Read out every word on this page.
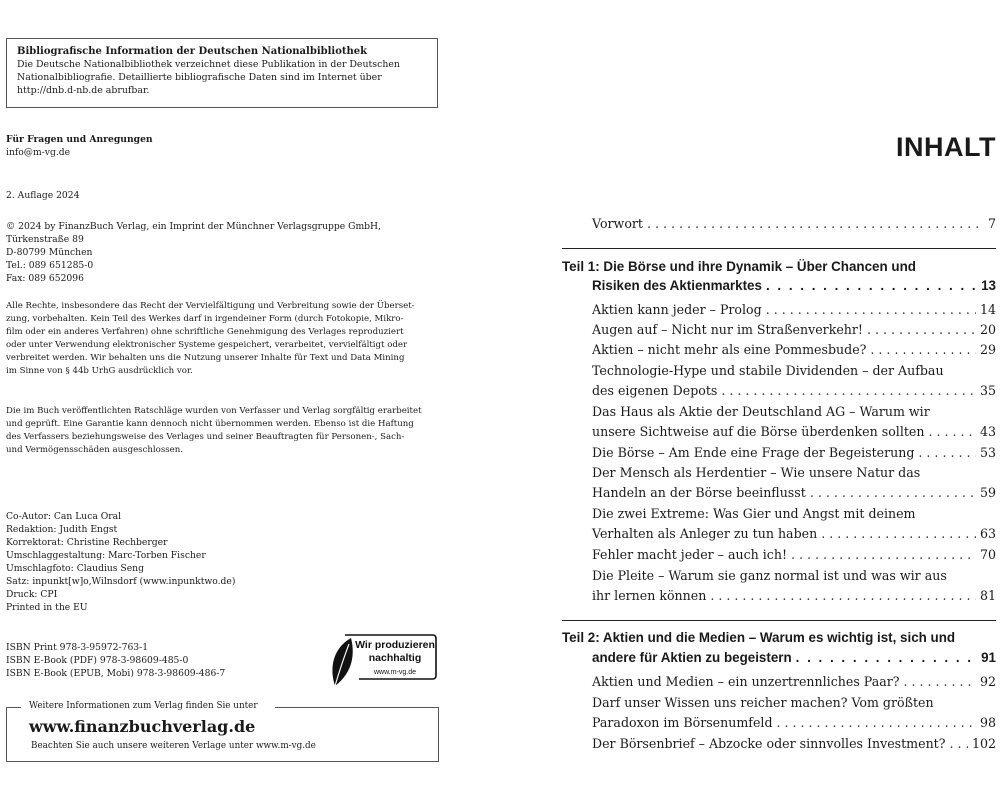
Bibliografische Information der Deutschen Nationalbibliothek
Die Deutsche Nationalbibliothek verzeichnet diese Publikation in der Deutschen
Nationalbibliografie. Detaillierte bibliografische Daten sind im Internet über
http://dnb.d-nb.de abrufbar.
Für Fragen und Anregungen
info@m-vg.de
2. Auflage 2024
© 2024 by FinanzBuch Verlag, ein Imprint der Münchner Verlagsgruppe GmbH,
Türkenstraße 89
D-80799 München
Tel.: 089 651285-0
Fax: 089 652096
Alle Rechte, insbesondere das Recht der Vervielfältigung und Verbreitung sowie der Überset-
zung, vorbehalten. Kein Teil des Werkes darf in irgendeiner Form (durch Fotokopie, Mikro-
film oder ein anderes Verfahren) ohne schriftliche Genehmigung des Verlages reproduziert
oder unter Verwendung elektronischer Systeme gespeichert, verarbeitet, vervielfältigt oder
verbreitet werden. Wir behalten uns die Nutzung unserer Inhalte für Text und Data Mining
im Sinne von § 44b UrhG ausdrücklich vor.
Die im Buch veröffentlichten Ratschläge wurden von Verfasser und Verlag sorgfältig erarbeitet
und geprüft. Eine Garantie kann dennoch nicht übernommen werden. Ebenso ist die Haftung
des Verfassers beziehungsweise des Verlages und seiner Beauftragten für Personen-, Sach-
und Vermögensschäden ausgeschlossen.
Co-Autor: Can Luca Oral
Redaktion: Judith Engst
Korrektorat: Christine Rechberger
Umschlaggestaltung: Marc-Torben Fischer
Umschlagfoto: Claudius Seng
Satz: inpunkt[w]o,Wilnsdorf (www.inpunktwo.de)
Druck: CPI
Printed in the EU
ISBN Print 978-3-95972-763-1
ISBN E-Book (PDF) 978-3-98609-485-0
ISBN E-Book (EPUB, Mobi) 978-3-98609-486-7
Wir produzieren
nachhaltig
www.m-vg.de
Weitere Informationen zum Verlag finden Sie unter
www.finanzbuchverlag.de
Beachten Sie auch unsere weiteren Verlage unter www.m-vg.de
INHALT
Vorwort . . .	7
Teil 1: Die Börse und ihre Dynamik – Über Chancen und
Risiken des Aktienmarktes . . .	13
Aktien kann jeder – Prolog . . .	14
Augen auf – Nicht nur im Straßenverkehr! . . .	20
Aktien – nicht mehr als eine Pommesbude? . . .	29
Technologie-Hype und stabile Dividenden – der Aufbau
des eigenen Depots . . .	35
Das Haus als Aktie der Deutschland AG – Warum wir
unsere Sichtweise auf die Börse überdenken sollten . . .	43
Die Börse – Am Ende eine Frage der Begeisterung . . .	53
Der Mensch als Herdentier – Wie unsere Natur das
Handeln an der Börse beeinflusst . . .	59
Die zwei Extreme: Was Gier und Angst mit deinem
Verhalten als Anleger zu tun haben . . .	63
Fehler macht jeder – auch ich! . . .	70
Die Pleite – Warum sie ganz normal ist und was wir aus
ihr lernen können . . .	81
Teil 2: Aktien und die Medien – Warum es wichtig ist, sich und
andere für Aktien zu begeistern . . .	91
Aktien und Medien – ein unzertrennliches Paar? . . .	92
Darf unser Wissen uns reicher machen? Vom größten
Paradoxon im Börsenumfeld . . .	98
Der Börsenbrief – Abzocke oder sinnvolles Investment? . . . 102
